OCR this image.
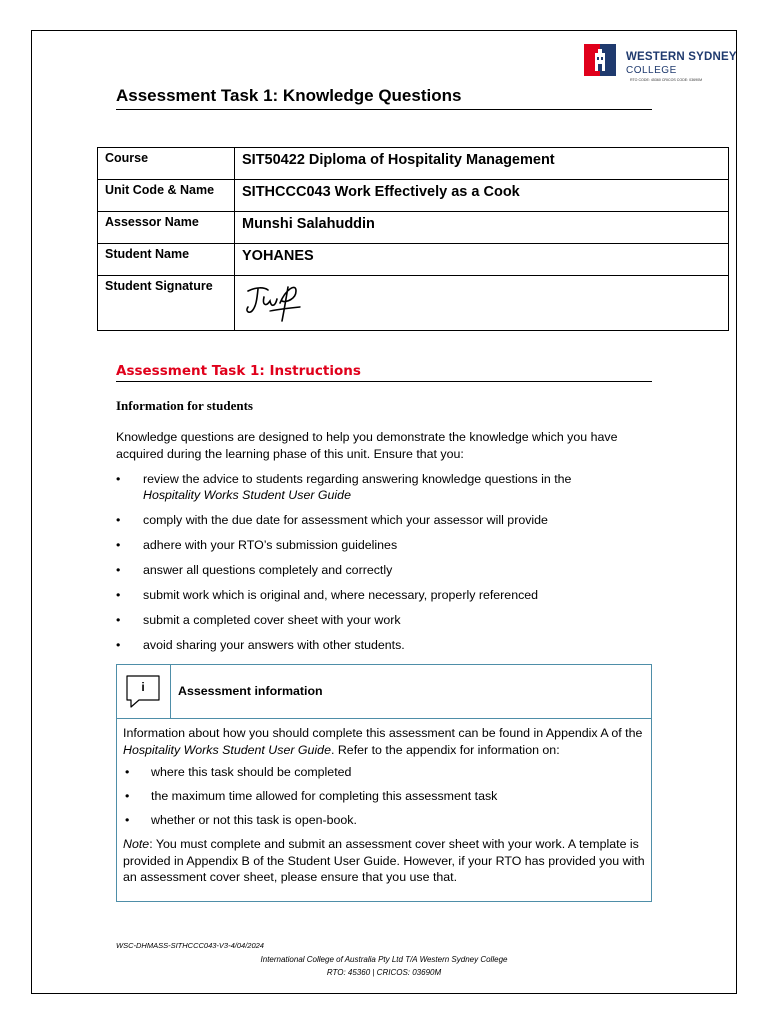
WESTERN SYDNEY
COLLEGE
RTO CODE: 45360 CRICOS CODE: 03690M
Assessment Task 1: Knowledge Questions
Course	SIT50422 Diploma of Hospitality Management
Unit Code & Name	SITHCCC043 Work Effectively as a Cook
Assessor Name	Munshi Salahuddin
Student Name	YOHANES
Student Signature	
Assessment Task 1: Instructions
Information for students
Knowledge questions are designed to help you demonstrate the knowledge which you have acquired during the learning phase of this unit. Ensure that you:
• review the advice to students regarding answering knowledge questions in the
Hospitality Works Student User Guide
• comply with the due date for assessment which your assessor will provide
• adhere with your RTO’s submission guidelines
• answer all questions completely and correctly
• submit work which is original and, where necessary, properly referenced
• submit a completed cover sheet with your work
• avoid sharing your answers with other students.
i	Assessment information

Information about how you should complete this assessment can be found in Appendix A of the Hospitality Works Student User Guide. Refer to the appendix for information on:

• where this task should be completed
• the maximum time allowed for completing this assessment task
• whether or not this task is open-book.

Note: You must complete and submit an assessment cover sheet with your work. A template is provided in Appendix B of the Student User Guide. However, if your RTO has provided you with an assessment cover sheet, please ensure that you use that.

WSC-DHMASS-SITHCCC043-V3-4/04/2024
International College of Australia Pty Ltd T/A Western Sydney College
RTO: 45360 | CRICOS: 03690M
